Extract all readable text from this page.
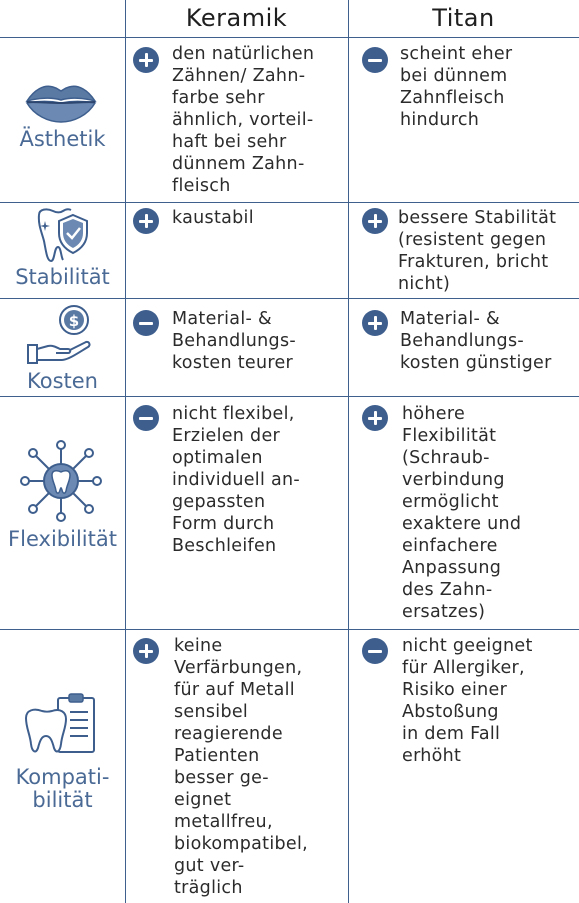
Keramik	Titan
Ästhetik
den natürlichen
Zähnen/ Zahn-
farbe sehr
ähnlich, vorteil-
haft bei sehr
dünnem Zahn-
fleisch
scheint eher
bei dünnem
Zahnfleisch
hindurch
Stabilität
kaustabil	bessere Stabilität
(resistent gegen
Frakturen, bricht
nicht)
$
Kosten
Material- &
Behandlungs-
kosten teurer
Material- &
Behandlungs-
kosten günstiger
Flexibilität
nicht flexibel,
Erzielen der
optimalen
individuell an-
gepassten
Form durch
Beschleifen
höhere
Flexibilität
(Schraub-
verbindung
ermöglicht
exaktere und
einfachere
Anpassung
des Zahn-
ersatzes)
Kompati- bilität
keine
Verfärbungen,
für auf Metall
sensibel
reagierende
Patienten
besser ge-
eignet
metallfreu,
biokompatibel,
gut ver-
träglich
nicht geeignet
für Allergiker,
Risiko einer
Abstoßung
in dem Fall
erhöht
